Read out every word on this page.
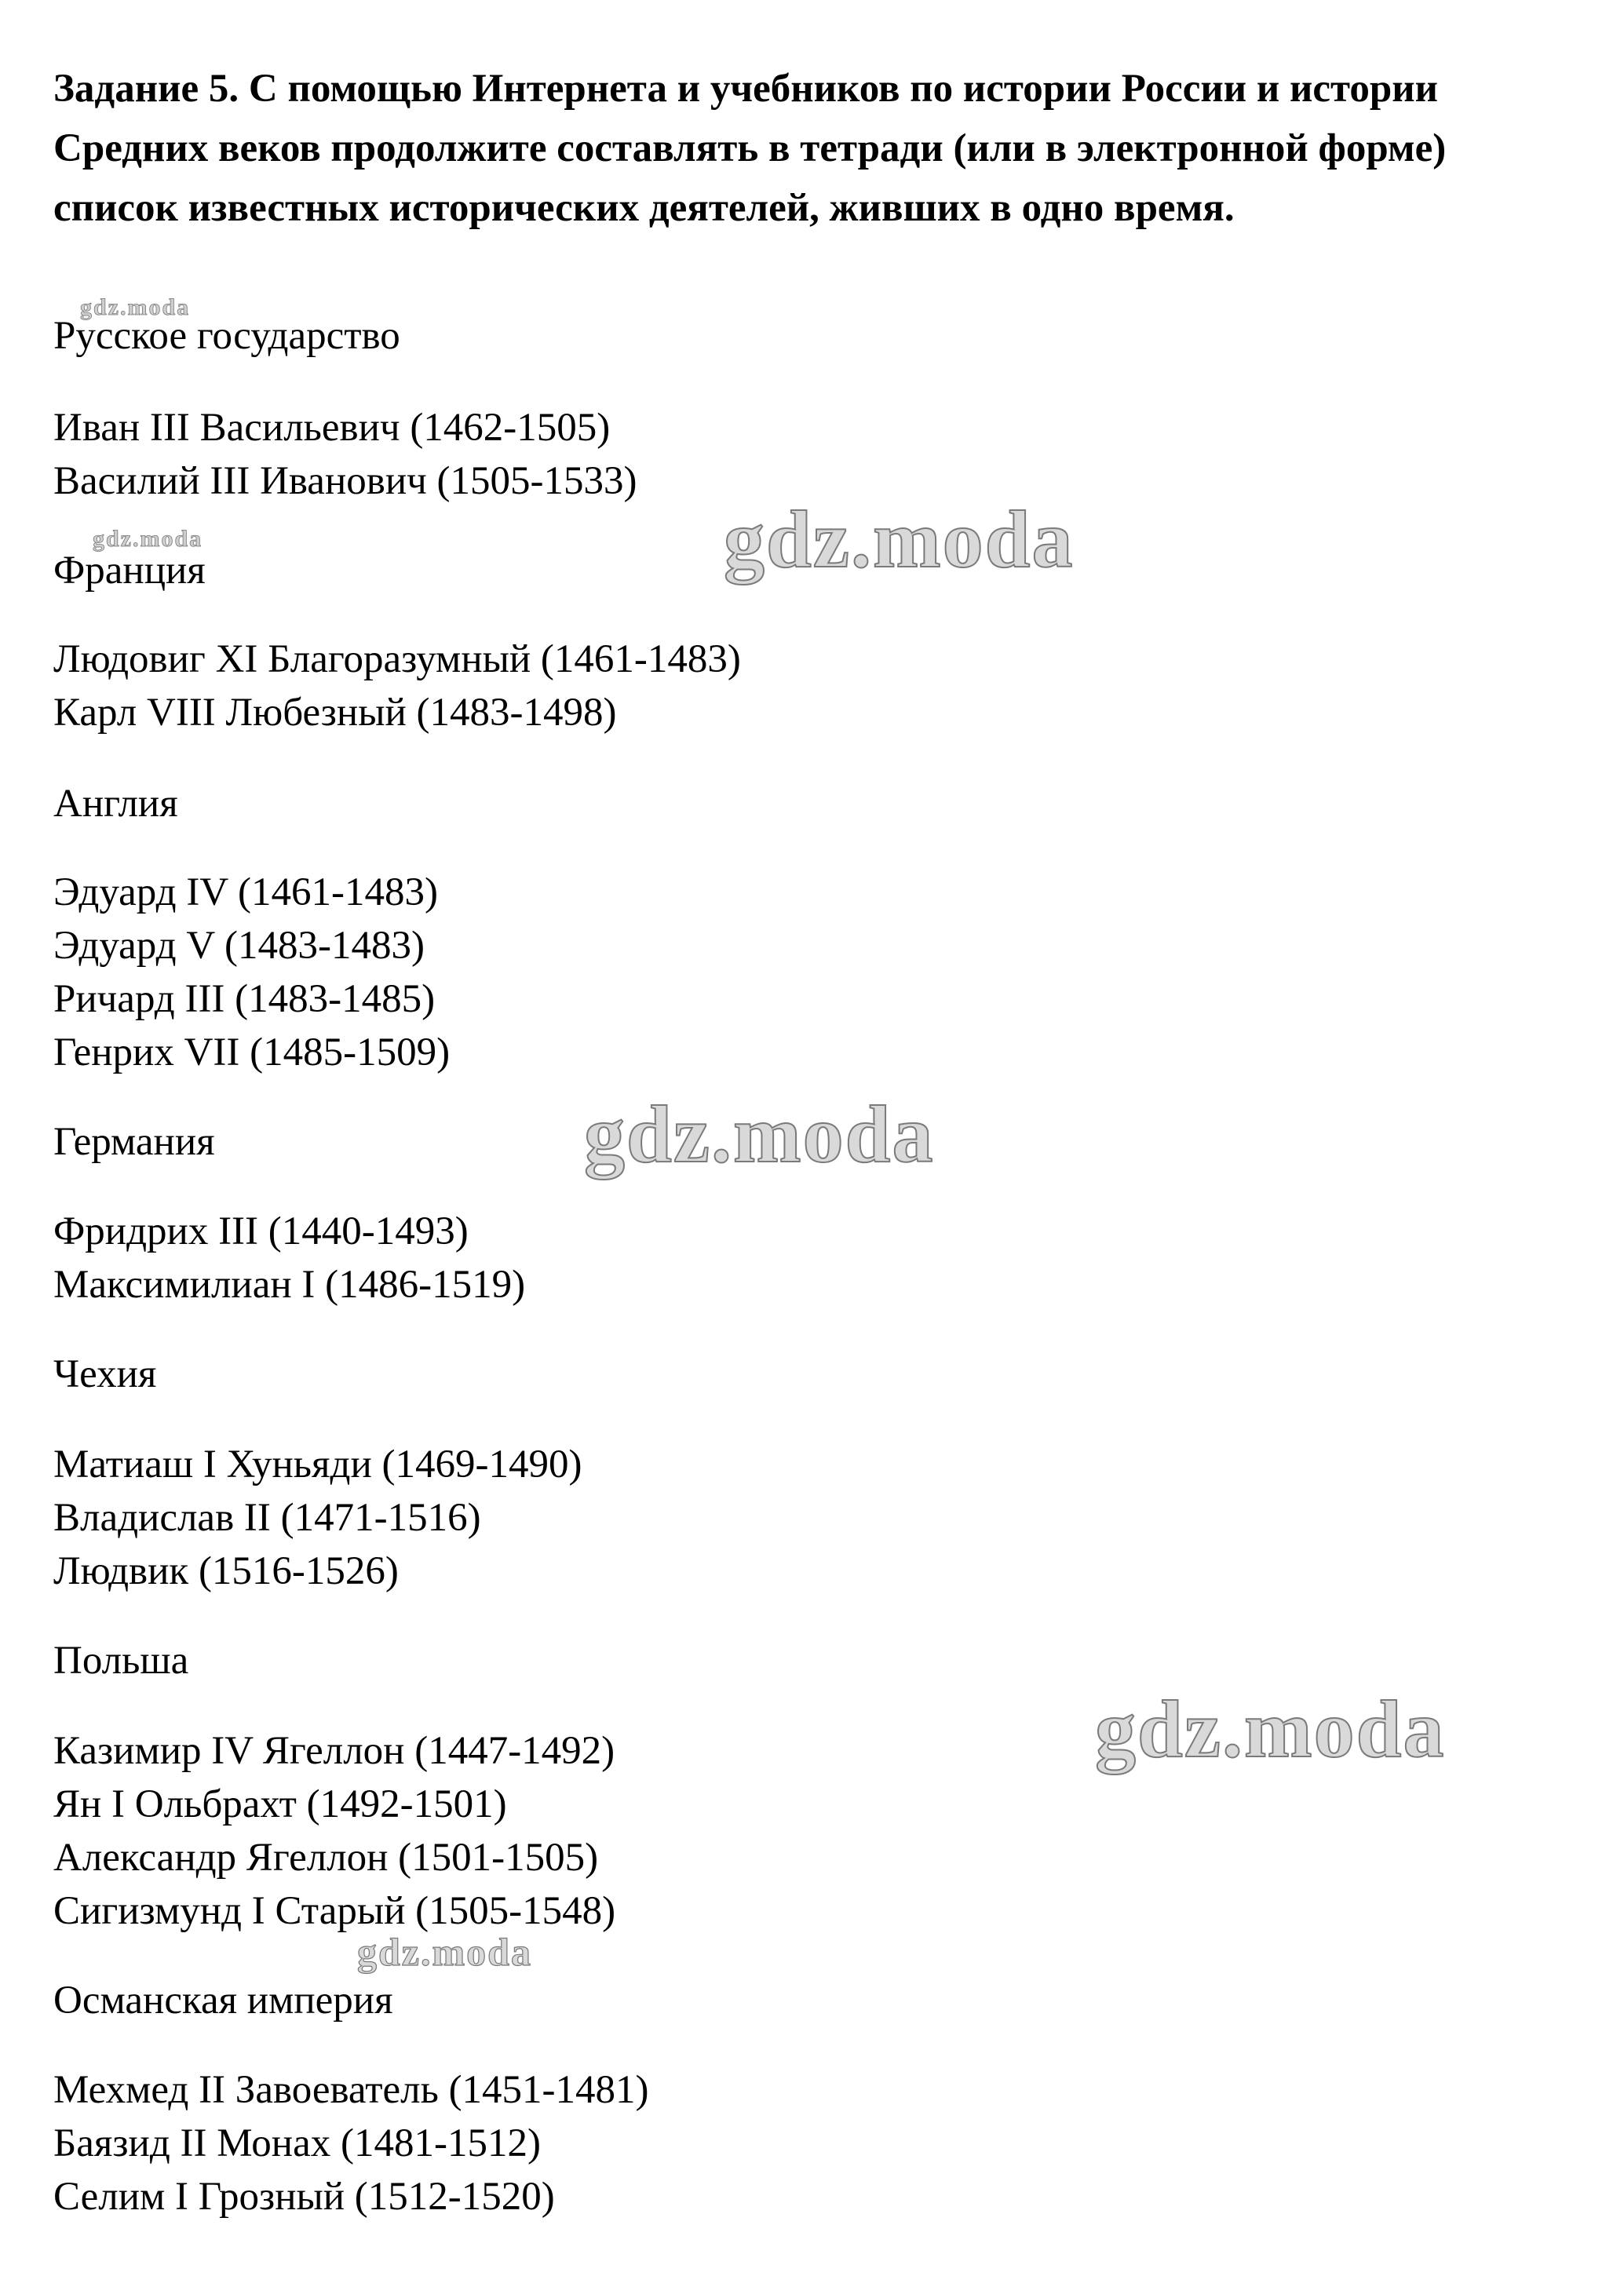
Задание 5. С помощью Интернета и учебников по истории России и истории Средних веков продолжите составлять в тетради (или в электронной форме) список известных исторических деятелей, живших в одно время.

Русское государство

Иван III Васильевич (1462-1505)

Василий III Иванович (1505-1533)

Франция

Людовиг XI Благоразумный (1461-1483)

Карл VIII Любезный (1483-1498)

Англия

Эдуард IV (1461-1483)

Эдуард V (1483-1483)

Ричард III (1483-1485)

Генрих VII (1485-1509)

Германия

Фридрих III (1440-1493)

Максимилиан I (1486-1519)

Чехия

Матиаш I Хуньяди (1469-1490)

Владислав II (1471-1516)

Людвик (1516-1526)

Польша

Казимир IV Ягеллон (1447-1492)

Ян I Ольбрахт (1492-1501)

Александр Ягеллон (1501-1505)

Сигизмунд I Старый (1505-1548)

Османская империя

Мехмед II Завоеватель (1451-1481)

Баязид II Монах (1481-1512)

Селим I Грозный (1512-1520)

gdz.moda
gdz.moda	gdz.moda
gdz.moda
gdz.moda
gdz.moda
